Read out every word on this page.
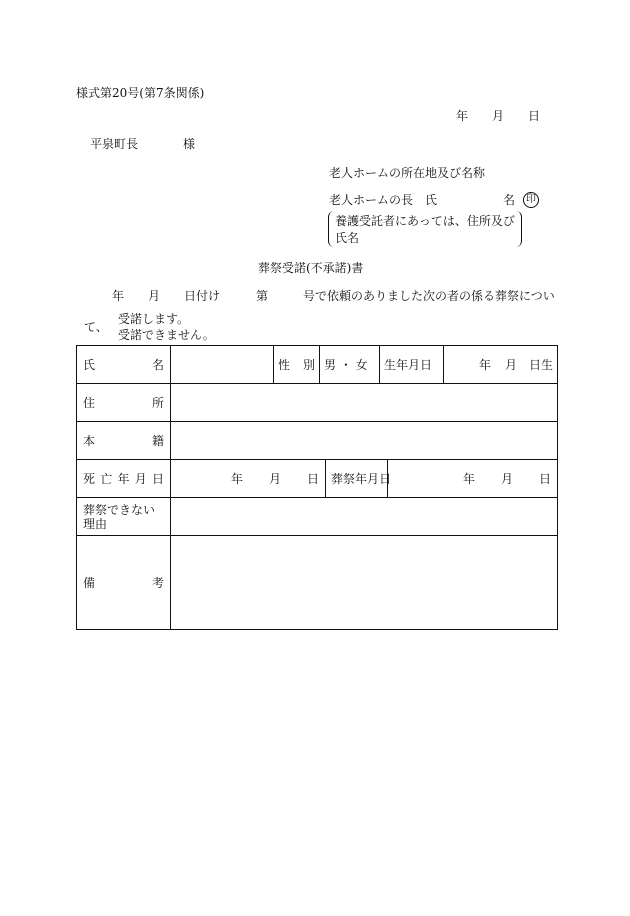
様式第20号(第7条関係)
年 月 日
平泉町長	様
老人ホームの所在地及び名称
老人ホームの長　氏	名	印
養護受託者にあっては、住所及び
氏名
葬祭受諾(不承諾)書
年 月 日付け	第	号で依頼のありました次の者の係る葬祭につい
て、
受諾します。
受諾できません。
氏 名		性 別	男 ・ 女		生年月日		年 月 日生

住 所							

本 籍							

死 亡 年 月 日	年 月 日			葬 祭 年 月 日		年 月 日	
葬祭できない理由							

備 考							
